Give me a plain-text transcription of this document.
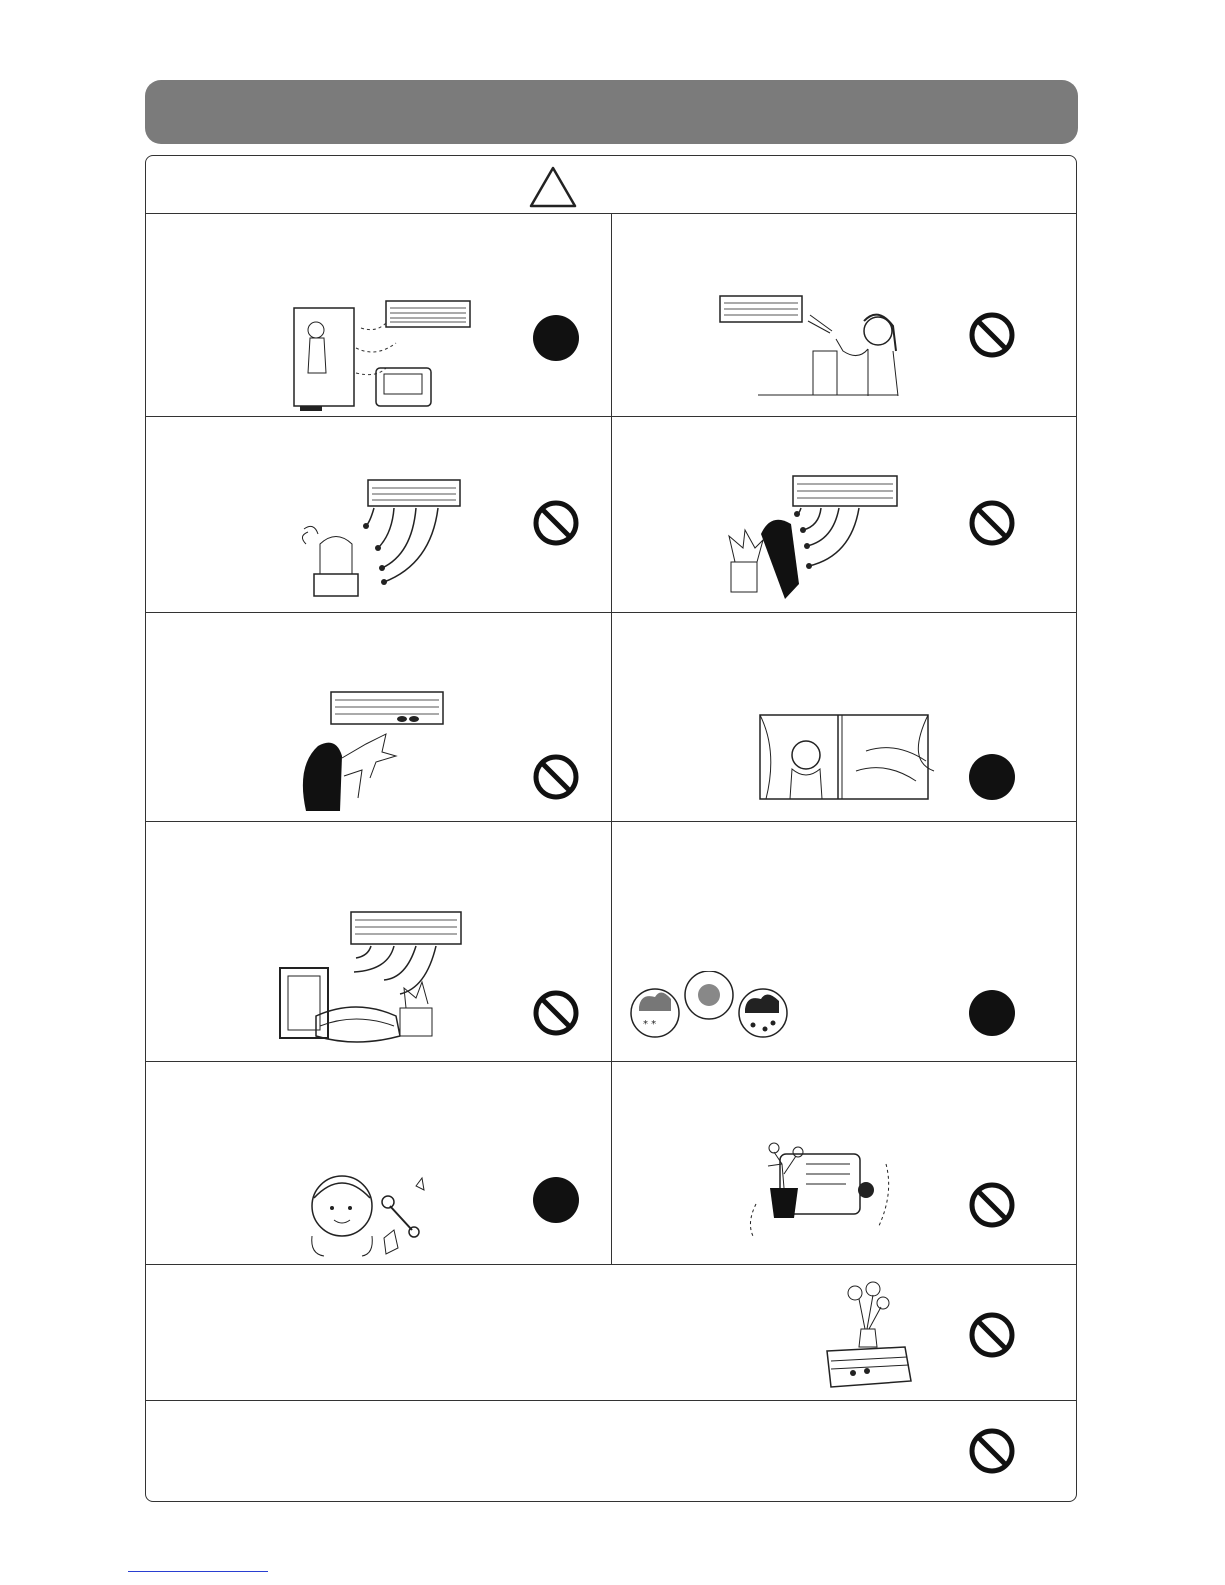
* *
